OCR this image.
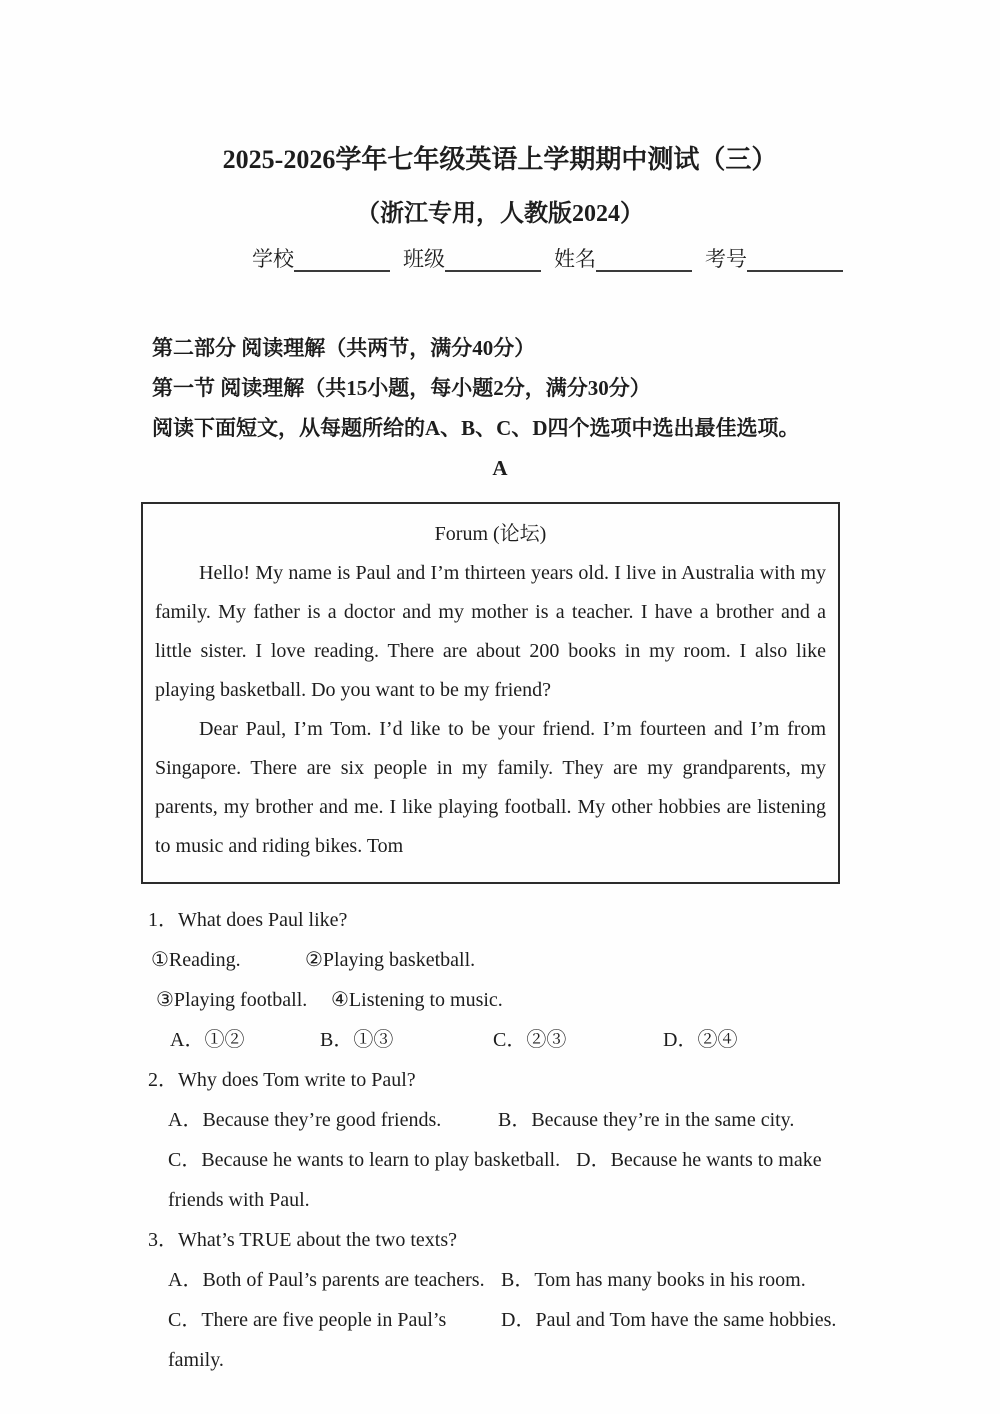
2025-2026学年七年级英语上学期期中测试（三）
（浙江专用，人教版2024）
学校	班级	姓名	考号
第二部分 阅读理解（共两节，满分40分）
第一节 阅读理解（共15小题，每小题2分，满分30分）
阅读下面短文，从每题所给的A、B、C、D四个选项中选出最佳选项。
A
Forum (论坛)

Hello! My name is Paul and I’m thirteen years old. I live in Australia with my family. My father is a doctor and my mother is a teacher. I have a brother and a little sister. I love reading. There are about 200 books in my room. I also like playing basketball. Do you want to be my friend?

Dear Paul, I’m Tom. I’d like to be your friend. I’m fourteen and I’m from Singapore. There are six people in my family. They are my grandparents, my parents, my brother and me. I like playing football. My other hobbies are listening to music and riding bikes. Tom

1．What does Paul like?
①Reading.	②Playing basketball.
③Playing football. ④Listening to music.
A．①②	B．①③	C．②③	D．②④
2．Why does Tom write to Paul?
A．Because they’re good friends.	B．Because they’re in the same city.

C．Because he wants to learn to play basketball. D．Because he wants to make friends with Paul.

3．What’s TRUE about the two texts?
A．Both of Paul’s parents are teachers. B．Tom has many books in his room.
C．There are five people in Paul’s family.D．Paul and Tom have the same hobbies.
